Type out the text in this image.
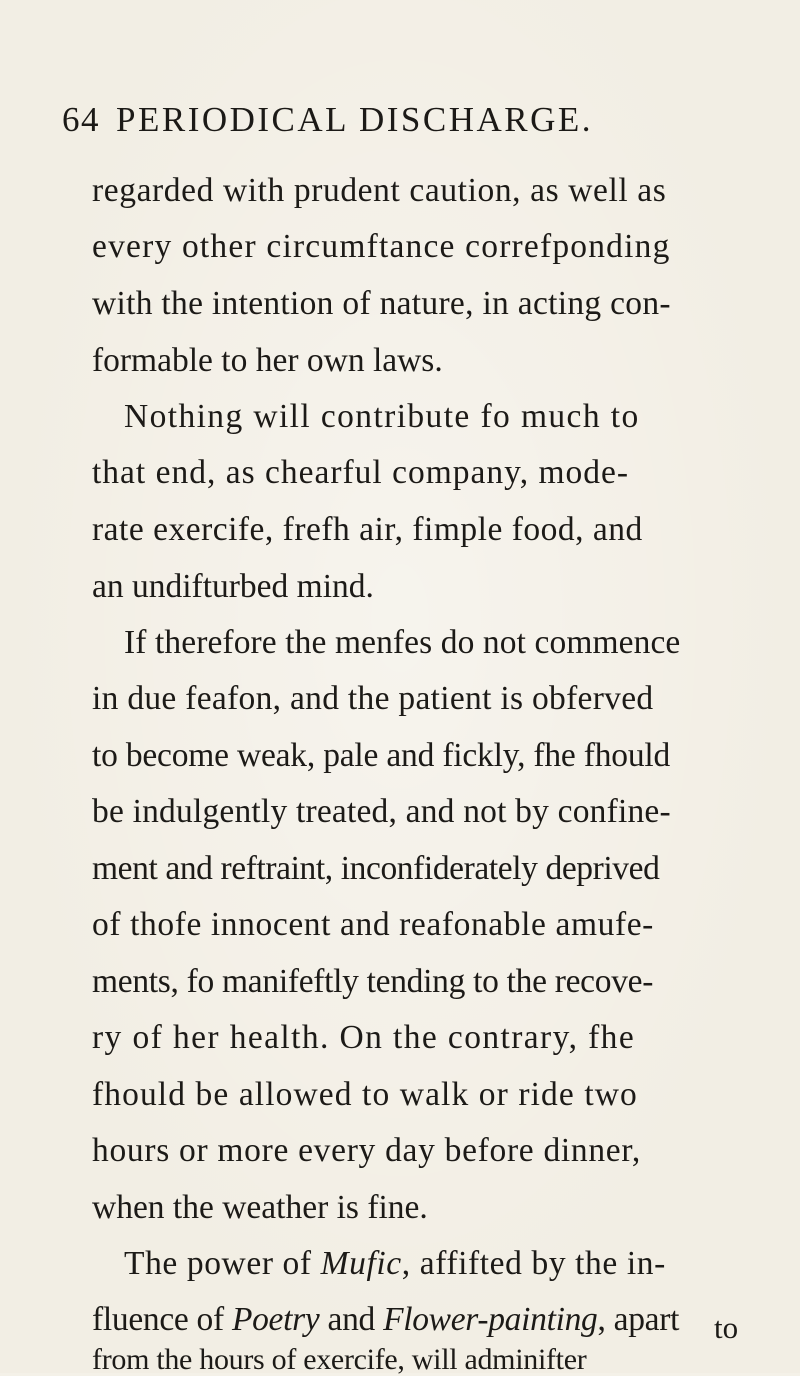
64 PERIODICAL DISCHARGE.
regarded with prudent caution, as well as
every other circumftance correfponding
with the intention of nature, in acting con-
formable to her own laws.
Nothing will contribute fo much to
that end, as chearful company, mode-
rate exercife, frefh air, fimple food, and
an undifturbed mind.
If therefore the menfes do not commence
in due feafon, and the patient is obferved
to become weak, pale and fickly, fhe fhould
be indulgently treated, and not by confine-
ment and reftraint, inconfiderately deprived
of thofe innocent and reafonable amufe-
ments, fo manifeftly tending to the recove-
ry of her health. On the contrary, fhe
fhould be allowed to walk or ride two
hours or more every day before dinner,
when the weather is fine.
The power of Mufic, affifted by the in-
fluence of Poetry and Flower-painting, apart
from the hours of exercife, will adminifter
to
